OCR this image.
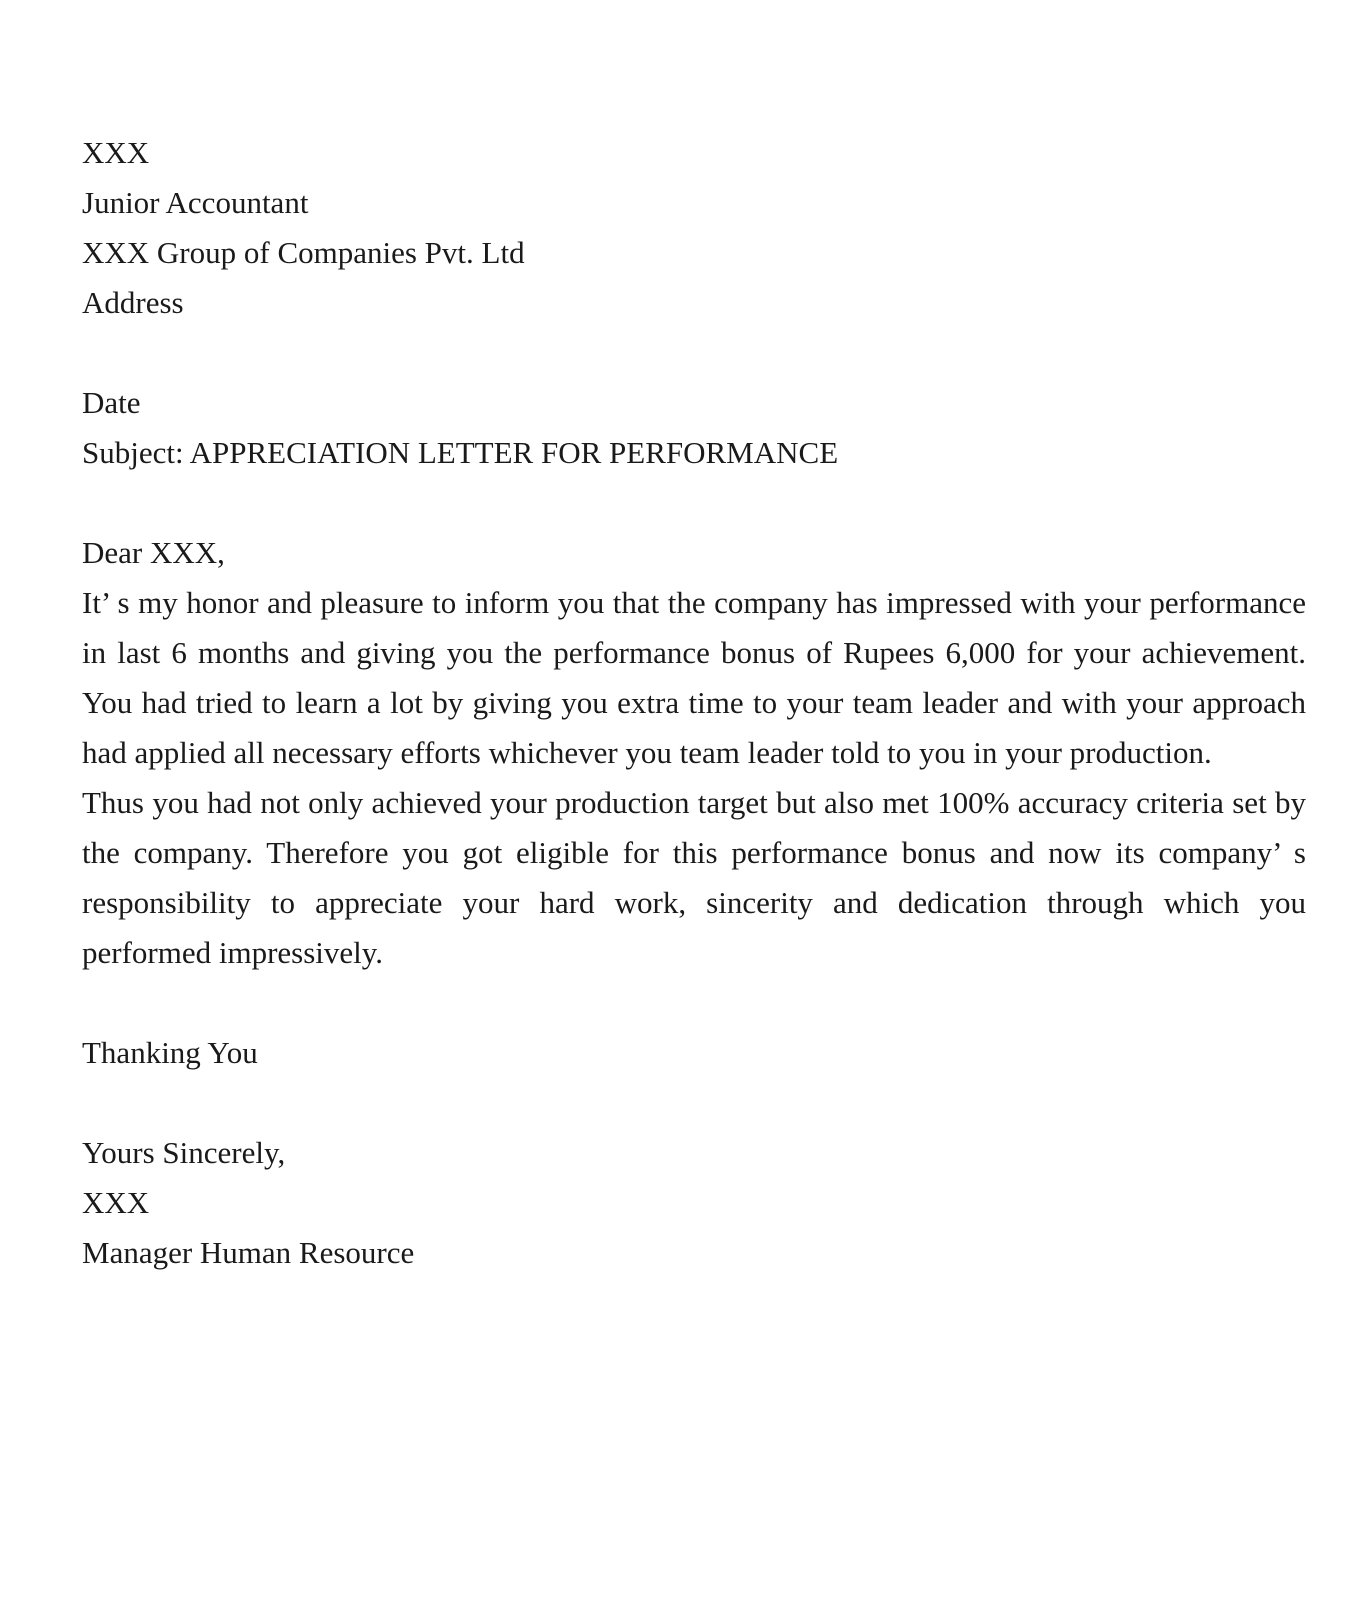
XXX
Junior Accountant
XXX Group of Companies Pvt. Ltd
Address
Date
Subject: APPRECIATION LETTER FOR PERFORMANCE
Dear XXX,
It’ s my honor and pleasure to inform you that the company has impressed with your performance in last 6 months and giving you the performance bonus of Rupees 6,000 for your achievement. You had tried to learn a lot by giving you extra time to your team leader and with your approach had applied all necessary efforts whichever you team leader told to you in your production.
Thus you had not only achieved your production target but also met 100% accuracy criteria set by the company. Therefore you got eligible for this performance bonus and now its company’ s responsibility to appreciate your hard work, sincerity and dedication through which you performed impressively.
Thanking You
Yours Sincerely,
XXX
Manager Human Resource
